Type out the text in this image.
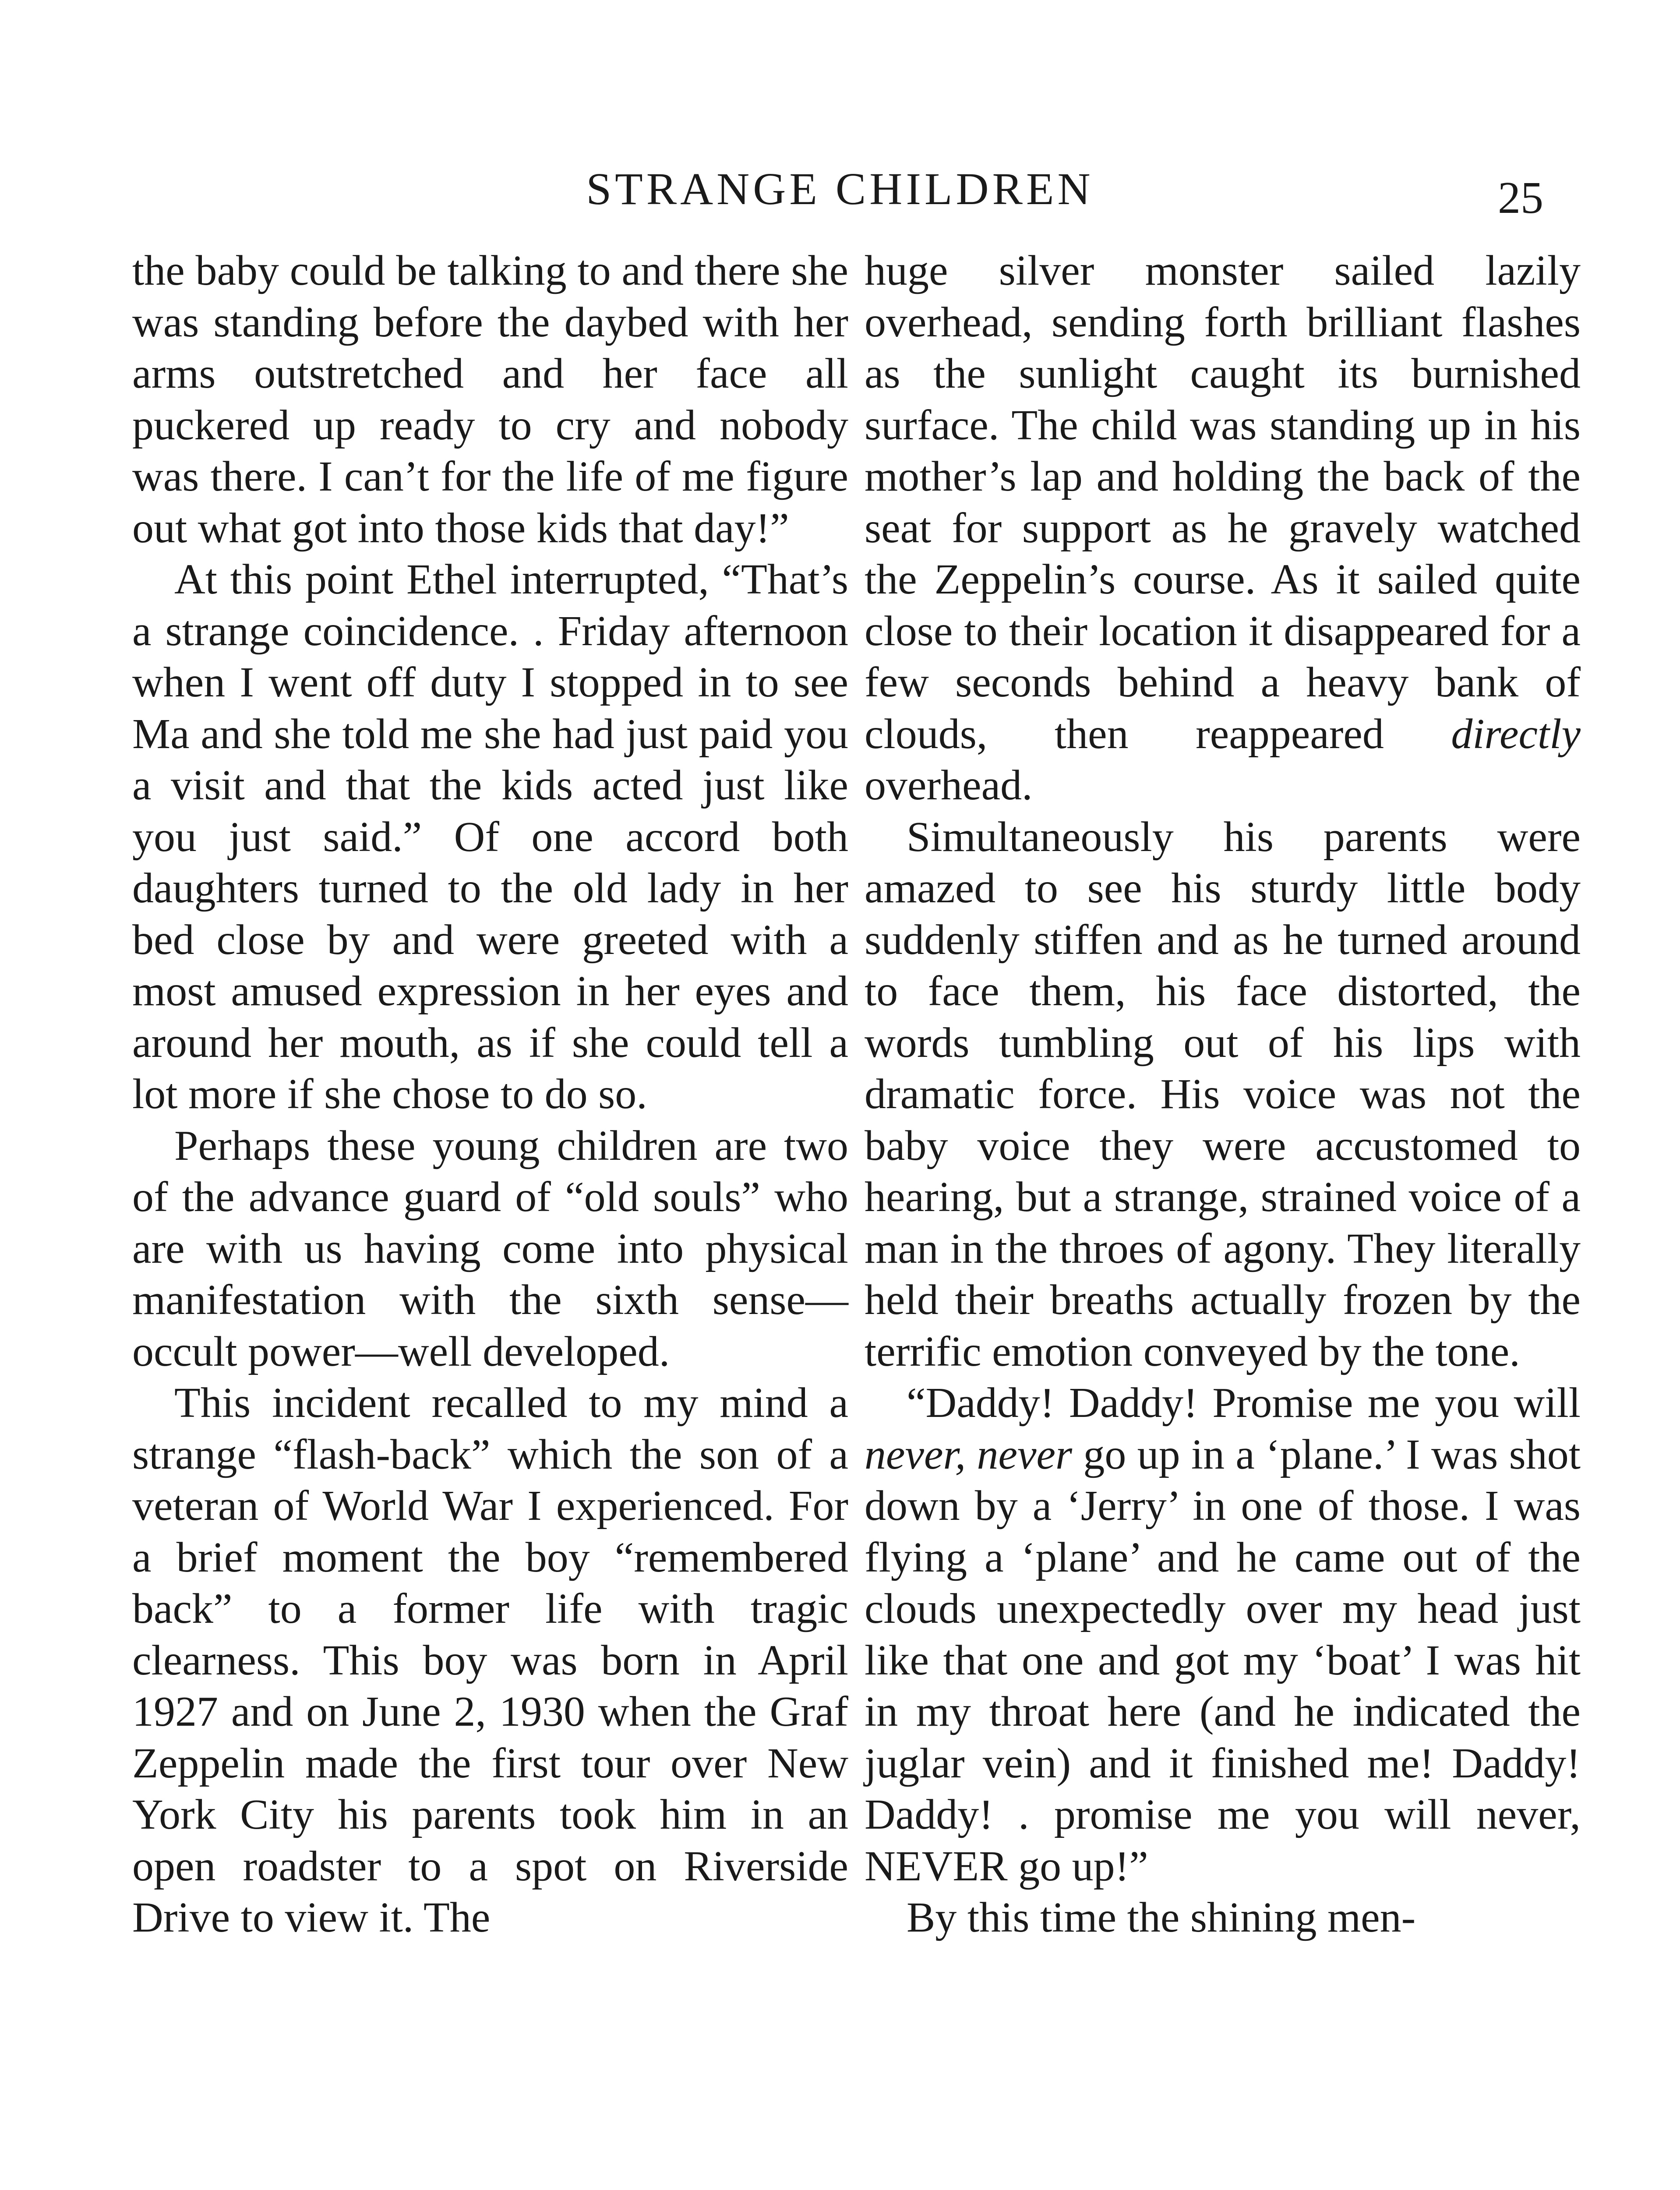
STRANGE CHILDREN	25

the baby could be talking to and there she was standing before the daybed with her arms outstretched and her face all puckered up ready to cry and nobody was there. I can’t for the life of me figure out what got into those kids that day!”

At this point Ethel interrupted, “That’s a strange coincidence. . Friday afternoon when I went off duty I stopped in to see Ma and she told me she had just paid you a visit and that the kids acted just like you just said.” Of one accord both daughters turned to the old lady in her bed close by and were greeted with a most amused expression in her eyes and around her mouth, as if she could tell a lot more if she chose to do so.

Perhaps these young children are two of the advance guard of “old souls” who are with us having come into physical manifestation with the sixth sense—occult power—well developed.

This incident recalled to my mind a strange “flash-back” which the son of a veteran of World War I experienced. For a brief moment the boy “remembered back” to a former life with tragic clearness. This boy was born in April 1927 and on June 2, 1930 when the Graf Zeppelin made the first tour over New York City his parents took him in an open roadster to a spot on Riverside Drive to view it. The

huge silver monster sailed lazily overhead, sending forth brilliant flashes as the sunlight caught its burnished surface. The child was standing up in his mother’s lap and holding the back of the seat for support as he gravely watched the Zeppelin’s course. As it sailed quite close to their location it disappeared for a few seconds behind a heavy bank of clouds, then reappeared directly overhead.

Simultaneously his parents were amazed to see his sturdy little body suddenly stiffen and as he turned around to face them, his face distorted, the words tumbling out of his lips with dramatic force. His voice was not the baby voice they were accustomed to hearing, but a strange, strained voice of a man in the throes of agony. They literally held their breaths actually frozen by the terrific emotion conveyed by the tone.

“Daddy! Daddy! Promise me you will never, never go up in a ‘plane.’ I was shot down by a ‘Jerry’ in one of those. I was flying a ‘plane’ and he came out of the clouds unexpectedly over my head just like that one and got my ‘boat’ I was hit in my throat here (and he indicated the juglar vein) and it finished me! Daddy! Daddy! . promise me you will never, NEVER go up!”

By this time the shining men-
